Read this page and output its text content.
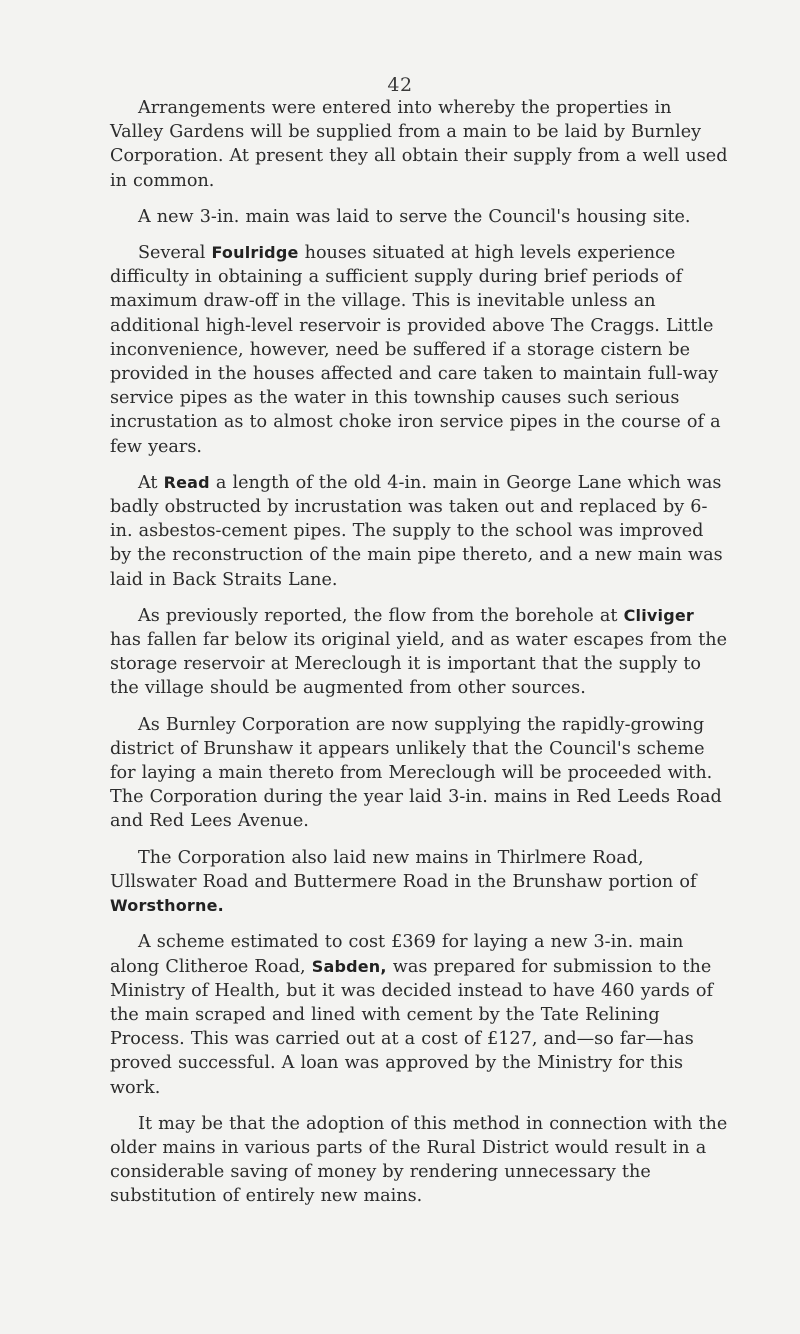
42

Arrangements were entered into whereby the properties in Valley Gardens will be supplied from a main to be laid by Burnley Corporation. At present they all obtain their supply from a well used in common.

A new 3-in. main was laid to serve the Council's housing site.

Several Foulridge houses situated at high levels experience difficulty in obtaining a sufficient supply during brief periods of maximum draw-off in the village. This is inevitable unless an additional high-level reservoir is provided above The Craggs. Little inconvenience, however, need be suffered if a storage cistern be provided in the houses affected and care taken to maintain full-way service pipes as the water in this township causes such serious incrustation as to almost choke iron service pipes in the course of a few years.

At Read a length of the old 4-in. main in George Lane which was badly obstructed by incrustation was taken out and replaced by 6-in. asbestos-cement pipes. The supply to the school was improved by the reconstruction of the main pipe thereto, and a new main was laid in Back Straits Lane.

As previously reported, the flow from the borehole at Cliviger has fallen far below its original yield, and as water escapes from the storage reservoir at Mereclough it is important that the supply to the village should be augmented from other sources.

As Burnley Corporation are now supplying the rapidly-growing district of Brunshaw it appears unlikely that the Council's scheme for laying a main thereto from Mereclough will be proceeded with. The Corporation during the year laid 3-in. mains in Red Leeds Road and Red Lees Avenue.

The Corporation also laid new mains in Thirlmere Road, Ullswater Road and Buttermere Road in the Brunshaw portion of Worsthorne.

A scheme estimated to cost £369 for laying a new 3-in. main along Clitheroe Road, Sabden, was prepared for submission to the Ministry of Health, but it was decided instead to have 460 yards of the main scraped and lined with cement by the Tate Relining Process. This was carried out at a cost of £127, and—so far—has proved successful. A loan was approved by the Ministry for this work.

It may be that the adoption of this method in connection with the older mains in various parts of the Rural District would result in a considerable saving of money by rendering unnecessary the substitution of entirely new mains.
